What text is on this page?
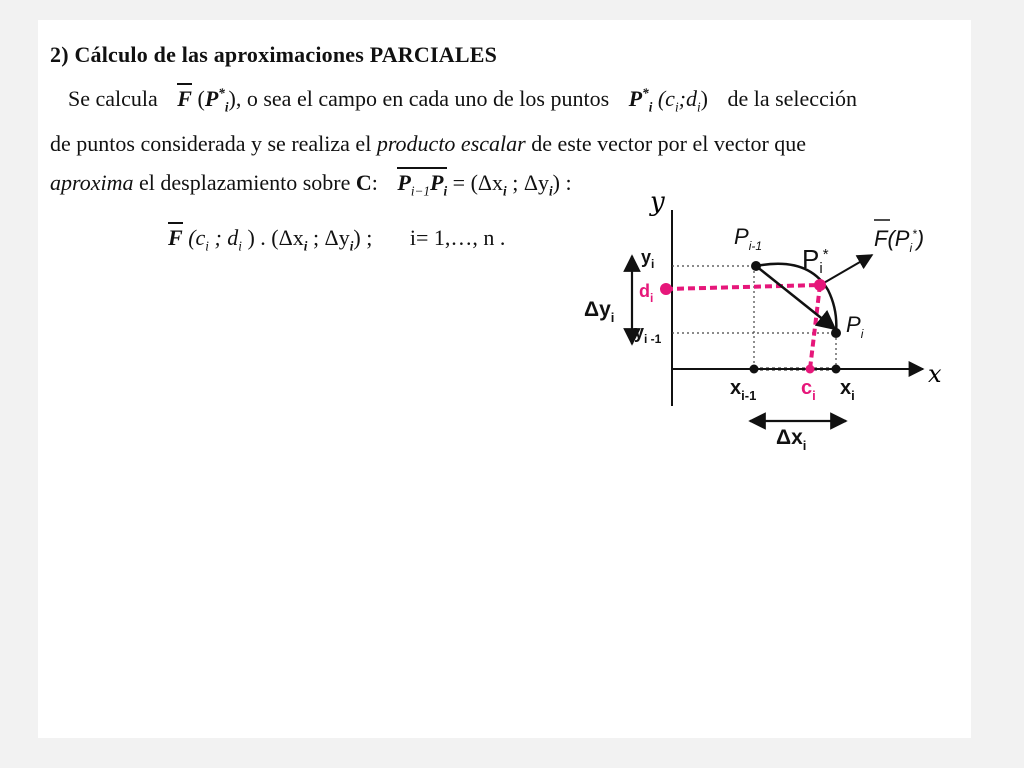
2) Cálculo de las aproximaciones PARCIALES
Se calcula F $(P^*_i)$, o sea el campo en cada uno de los puntos $P^*_i$ $(c_i;d_i)$ de la selección
de puntos considerada y se realiza el producto escalar de este vector por el vector que
aproxima el desplazamiento sobre C: $P_{i-1}P_i = (\Delta x_i$ ; $\Delta y_i$) :
F ($c_i$ ; $d_i$ ) . ($\Delta x_i$ ; $\Delta y_i$) ; i= 1,…, n .
y
x
$y_i$
$y_{i -1}$
$\Delta y_i$
$x_{i-1}$	$x_i$
$\Delta x_i$
Pi*
$d_i$
$c_i$
$P_{i-1}$
$P_i$
$F(P_i^*)$
